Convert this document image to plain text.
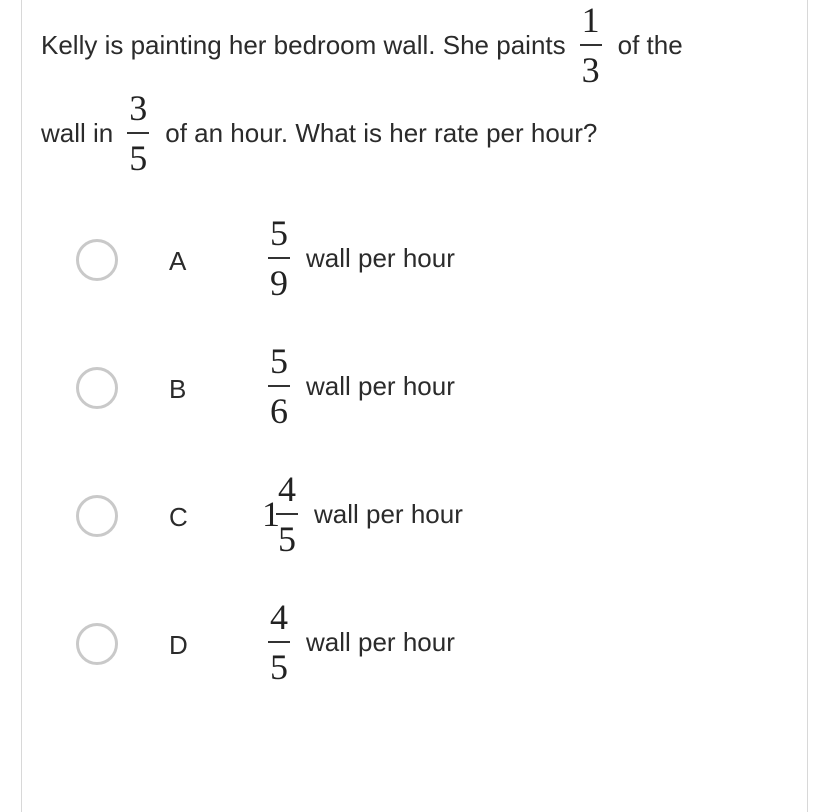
Kelly is painting her bedroom wall. She paints $\frac{1}{3}$ of the
wall in $\frac{3}{5}$ of an hour. What is her rate per hour?
A $\frac{5}{9}$ wall per hour
B $\frac{5}{6}$ wall per hour
C 1
$\frac{4}{5}$ wall per hour
D $\frac{4}{5}$ wall per hour
